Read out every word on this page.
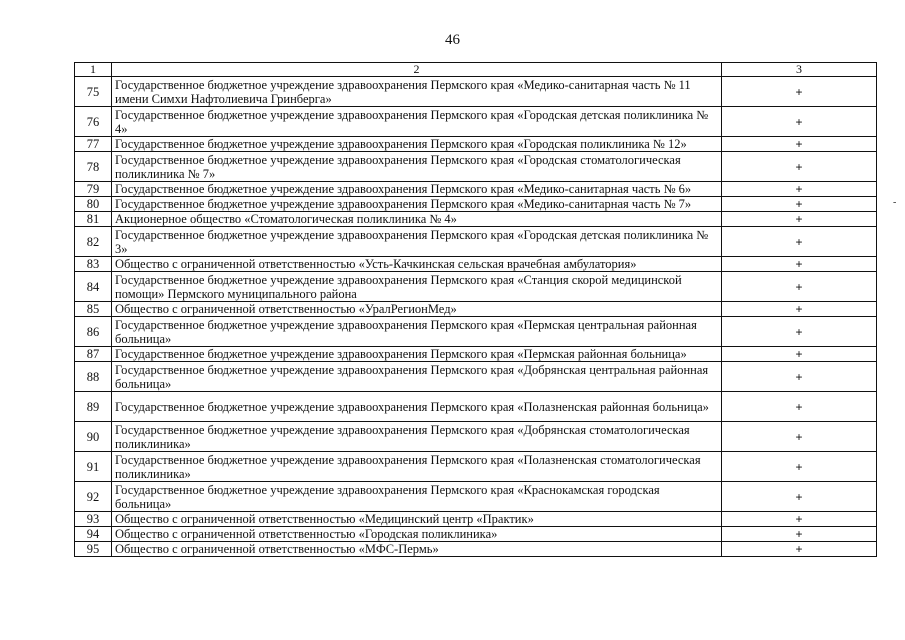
46
1	2	3
75	Государственное бюджетное учреждение здравоохранения Пермского края «Медико-санитарная часть № 11 имени Симхи Нафтолиевича Гринберга»	+
76	Государственное бюджетное учреждение здравоохранения Пермского края «Городская детская поликлиника № 4»	+
77	Государственное бюджетное учреждение здравоохранения Пермского края «Городская поликлиника № 12»	+
78	Государственное бюджетное учреждение здравоохранения Пермского края «Городская стоматологическая поликлиника № 7»	+
79	Государственное бюджетное учреждение здравоохранения Пермского края «Медико-санитарная часть № 6»	+
80	Государственное бюджетное учреждение здравоохранения Пермского края «Медико-санитарная часть № 7»	+
81	Акционерное общество «Стоматологическая поликлиника № 4»	+
82	Государственное бюджетное учреждение здравоохранения Пермского края «Городская детская поликлиника № 3»	+
83	Общество с ограниченной ответственностью «Усть-Качкинская сельская врачебная амбулатория»	+
84	Государственное бюджетное учреждение здравоохранения Пермского края «Станция скорой медицинской помощи» Пермского муниципального района	+
85	Общество с ограниченной ответственностью «УралРегионМед»	+
86	Государственное бюджетное учреждение здравоохранения Пермского края «Пермская центральная районная больница»	+
87	Государственное бюджетное учреждение здравоохранения Пермского края «Пермская районная больница»	+
88	Государственное бюджетное учреждение здравоохранения Пермского края «Добрянская центральная районная больница»	+
89	Государственное бюджетное учреждение здравоохранения Пермского края «Полазненская районная больница»	+
90	Государственное бюджетное учреждение здравоохранения Пермского края «Добрянская стоматологическая поликлиника»	+
91	Государственное бюджетное учреждение здравоохранения Пермского края «Полазненская стоматологическая поликлиника»	+
92	Государственное бюджетное учреждение здравоохранения Пермского края «Краснокамская городская больница»	+
93	Общество с ограниченной ответственностью «Медицинский центр «Практик»	+
94	Общество с ограниченной ответственностью «Городская поликлиника»	+
95	Общество с ограниченной ответственностью «МФС-Пермь»	+
-
